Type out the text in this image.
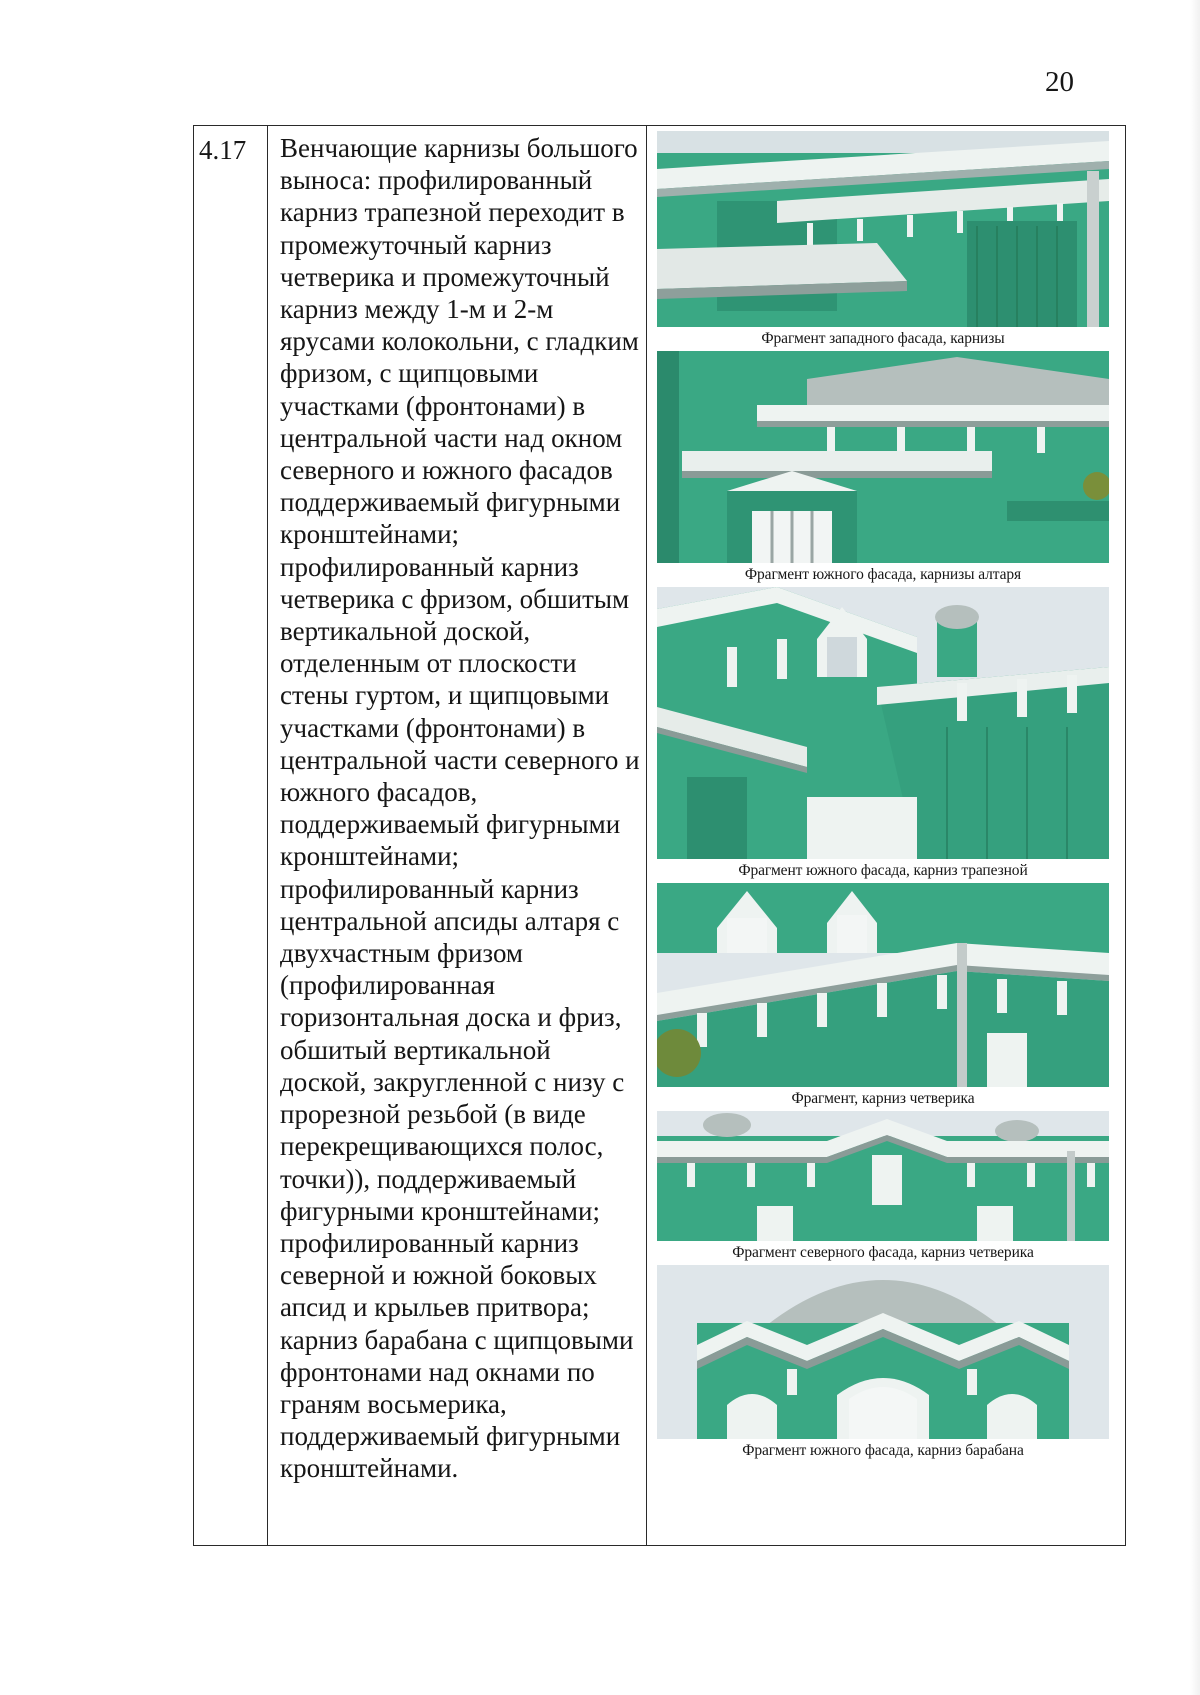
20
4.17	Венчающие карнизы большого выноса: профилированный карниз трапезной переходит в промежуточный карниз четверика и промежуточный карниз между 1-м и 2-м ярусами колокольни, с гладким фризом, с щипцовыми участками (фронтонами) в центральной части над окном северного и южного фасадов поддерживаемый фигурными кронштейнами; профилированный карниз четверика с фризом, обшитым вертикальной доской, отделенным от плоскости стены гуртом, и щипцовыми участками (фронтонами) в центральной части северного и южного фасадов, поддерживаемый фигурными кронштейнами; профилированный карниз центральной апсиды алтаря с двухчастным фризом (профилированная горизонтальная доска и фриз, обшитый вертикальной доской, закругленной с низу с прорезной резьбой (в виде перекрещивающихся полос, точки)), поддерживаемый фигурными кронштейнами; профилированный карниз северной и южной боковых апсид и крыльев притвора; карниз барабана с щипцовыми фронтонами над окнами по граням восьмерика, поддерживаемый фигурными кронштейнами.

Фрагмент западного фасада, карнизы
Фрагмент южного фасада, карнизы алтаря
Фрагмент южного фасада, карниз трапезной
Фрагмент, карниз четверика
Фрагмент северного фасада, карниз четверика
Фрагмент южного фасада, карниз барабана
